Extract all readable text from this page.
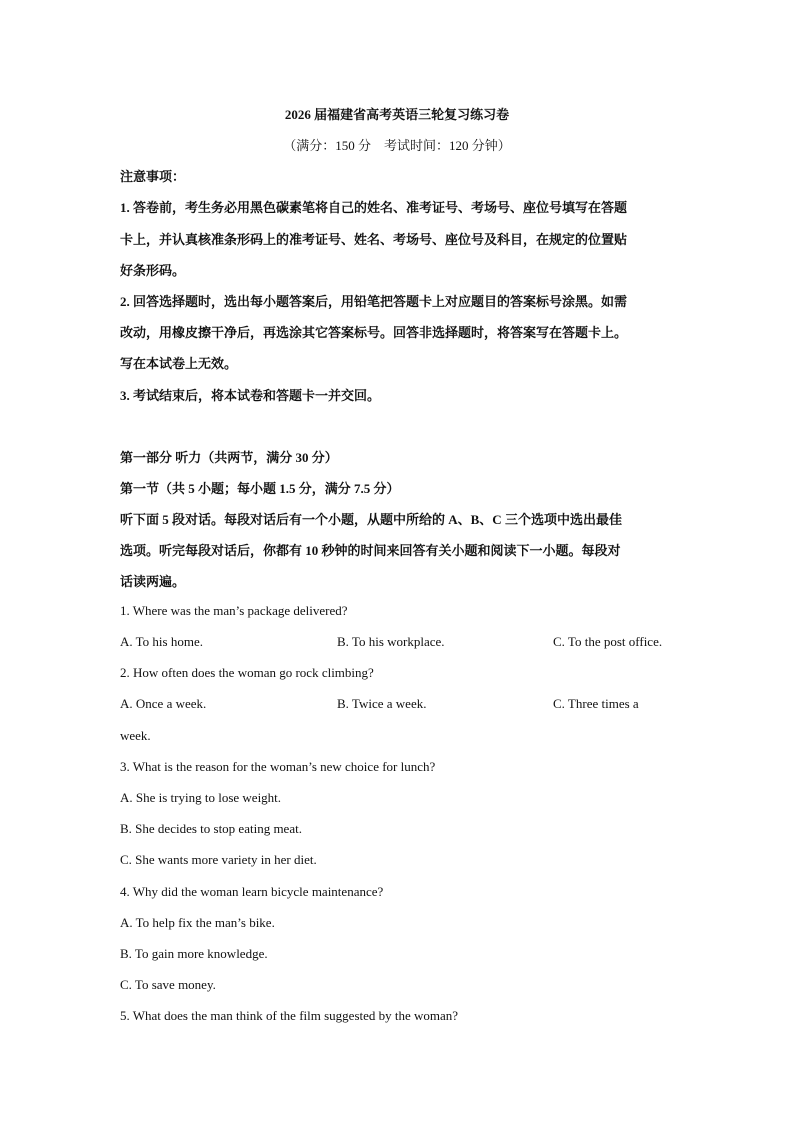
2026 届福建省高考英语三轮复习练习卷
（满分：150 分　考试时间：120 分钟）
注意事项：
1. 答卷前，考生务必用黑色碳素笔将自己的姓名、准考证号、考场号、座位号填写在答题
卡上，并认真核准条形码上的准考证号、姓名、考场号、座位号及科目，在规定的位置贴
好条形码。
2. 回答选择题时，选出每小题答案后，用铅笔把答题卡上对应题目的答案标号涂黑。如需
改动，用橡皮擦干净后，再选涂其它答案标号。回答非选择题时，将答案写在答题卡上。
写在本试卷上无效。
3. 考试结束后，将本试卷和答题卡一并交回。
第一部分 听力（共两节，满分 30 分）
第一节（共 5 小题；每小题 1.5 分，满分 7.5 分）
听下面 5 段对话。每段对话后有一个小题，从题中所给的 A、B、C 三个选项中选出最佳
选项。听完每段对话后，你都有 10 秒钟的时间来回答有关小题和阅读下一小题。每段对
话读两遍。
1. Where was the man’s package delivered?
A. To his home.	B. To his workplace.	C. To the post office.
2. How often does the woman go rock climbing?
A. Once a week.	B. Twice a week.	C. Three times a
week.
3. What is the reason for the woman’s new choice for lunch?
A. She is trying to lose weight.
B. She decides to stop eating meat.
C. She wants more variety in her diet.
4. Why did the woman learn bicycle maintenance?
A. To help fix the man’s bike.
B. To gain more knowledge.
C. To save money.
5. What does the man think of the film suggested by the woman?
